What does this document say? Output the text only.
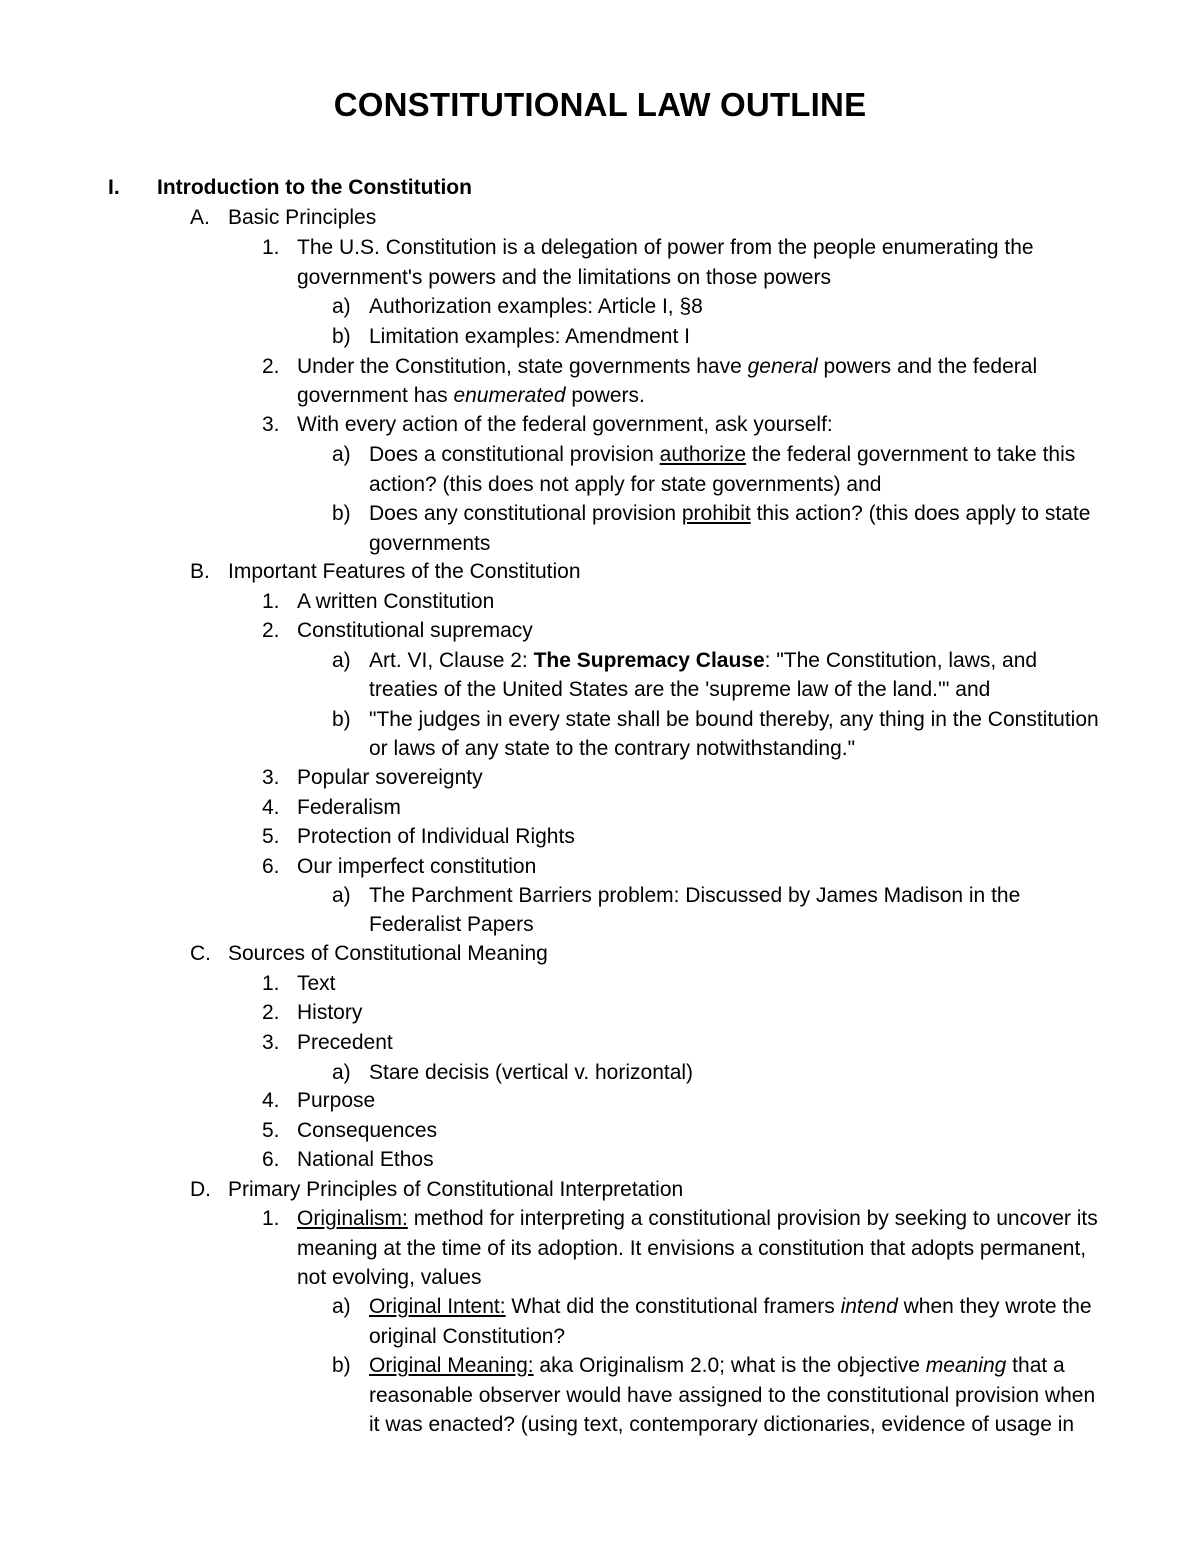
CONSTITUTIONAL LAW OUTLINE
I. Introduction to the Constitution
A. Basic Principles
1. The U.S. Constitution is a delegation of power from the people enumerating the
government's powers and the limitations on those powers
a) Authorization examples: Article I, §8
b) Limitation examples: Amendment I
2. Under the Constitution, state governments have general powers and the federal
government has enumerated powers.
3. With every action of the federal government, ask yourself:
a) Does a constitutional provision authorize the federal government to take this
action? (this does not apply for state governments) and
b) Does any constitutional provision prohibit this action? (this does apply to state
governments
B. Important Features of the Constitution
1. A written Constitution
2. Constitutional supremacy
a) Art. VI, Clause 2: The Supremacy Clause: "The Constitution, laws, and
treaties of the United States are the 'supreme law of the land.'" and
b) "The judges in every state shall be bound thereby, any thing in the Constitution
or laws of any state to the contrary notwithstanding."
3. Popular sovereignty
4. Federalism
5. Protection of Individual Rights
6. Our imperfect constitution
a) The Parchment Barriers problem: Discussed by James Madison in the
Federalist Papers
C. Sources of Constitutional Meaning
1. Text
2. History
3. Precedent
a) Stare decisis (vertical v. horizontal)
4. Purpose
5. Consequences
6. National Ethos
D. Primary Principles of Constitutional Interpretation
1. Originalism: method for interpreting a constitutional provision by seeking to uncover its
meaning at the time of its adoption. It envisions a constitution that adopts permanent,
not evolving, values
a) Original Intent: What did the constitutional framers intend when they wrote the
original Constitution?
b) Original Meaning: aka Originalism 2.0; what is the objective meaning that a
reasonable observer would have assigned to the constitutional provision when
it was enacted? (using text, contemporary dictionaries, evidence of usage in
